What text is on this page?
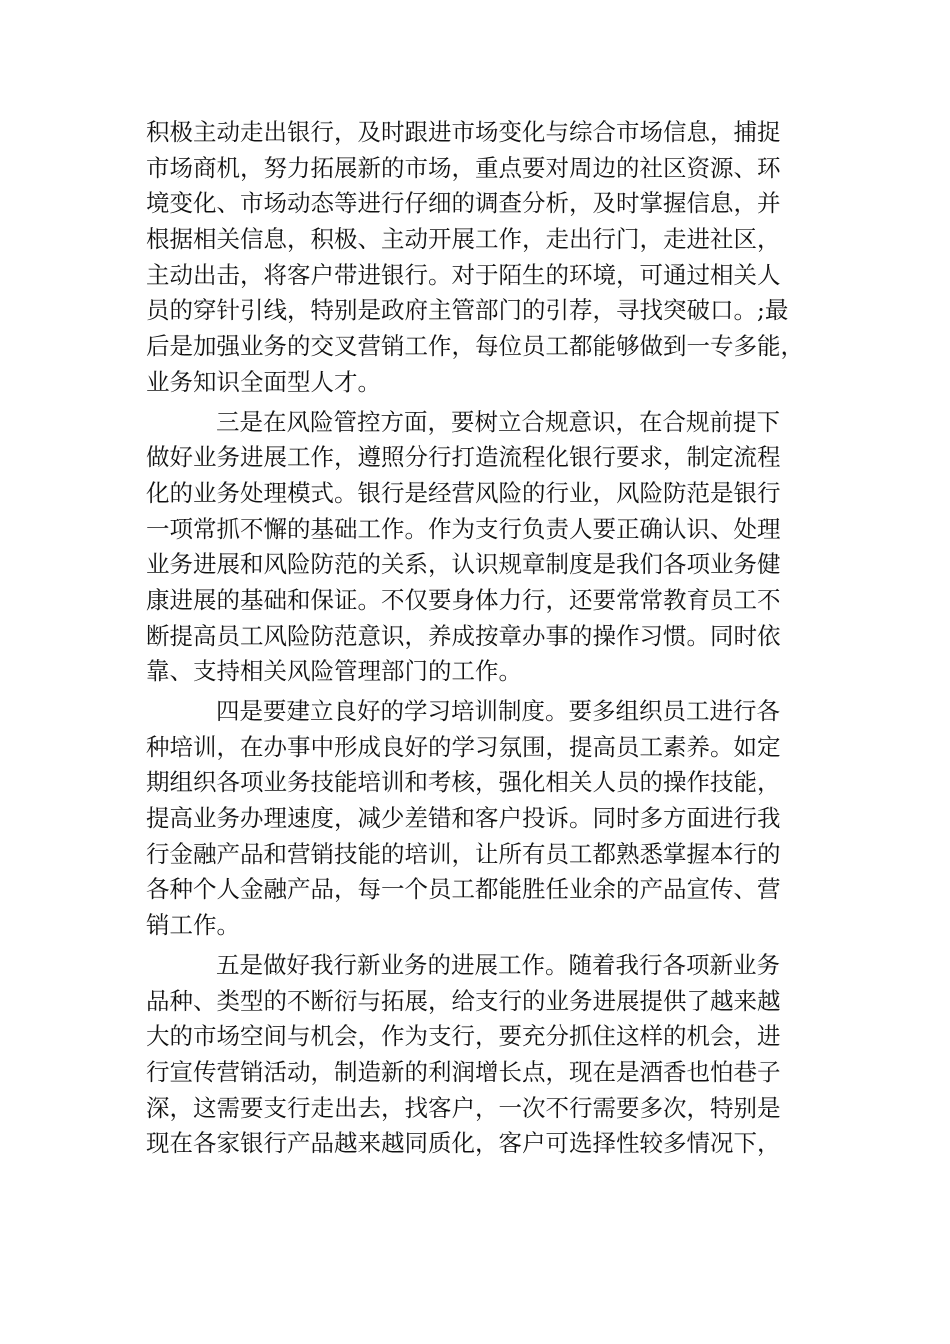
积极主动走出银行，及时跟进市场变化与综合市场信息，捕捉
市场商机，努力拓展新的市场，重点要对周边的社区资源、环
境变化、市场动态等进行仔细的调查分析，及时掌握信息，并
根据相关信息，积极、主动开展工作，走出行门，走进社区，
主动出击，将客户带进银行。对于陌生的环境，可通过相关人
员的穿针引线，特别是政府主管部门的引荐，寻找突破口。;最
后是加强业务的交叉营销工作，每位员工都能够做到一专多能，
业务知识全面型人才。
三是在风险管控方面，要树立合规意识，在合规前提下
做好业务进展工作，遵照分行打造流程化银行要求，制定流程
化的业务处理模式。银行是经营风险的行业，风险防范是银行
一项常抓不懈的基础工作。作为支行负责人要正确认识、处理
业务进展和风险防范的关系，认识规章制度是我们各项业务健
康进展的基础和保证。不仅要身体力行，还要常常教育员工不
断提高员工风险防范意识，养成按章办事的操作习惯。同时依
靠、支持相关风险管理部门的工作。
四是要建立良好的学习培训制度。要多组织员工进行各
种培训，在办事中形成良好的学习氛围，提高员工素养。如定
期组织各项业务技能培训和考核，强化相关人员的操作技能，
提高业务办理速度，减少差错和客户投诉。同时多方面进行我
行金融产品和营销技能的培训，让所有员工都熟悉掌握本行的
各种个人金融产品，每一个员工都能胜任业余的产品宣传、营
销工作。
五是做好我行新业务的进展工作。随着我行各项新业务
品种、类型的不断衍与拓展，给支行的业务进展提供了越来越
大的市场空间与机会，作为支行，要充分抓住这样的机会，进
行宣传营销活动，制造新的利润增长点，现在是酒香也怕巷子
深，这需要支行走出去，找客户，一次不行需要多次，特别是
现在各家银行产品越来越同质化，客户可选择性较多情况下，
